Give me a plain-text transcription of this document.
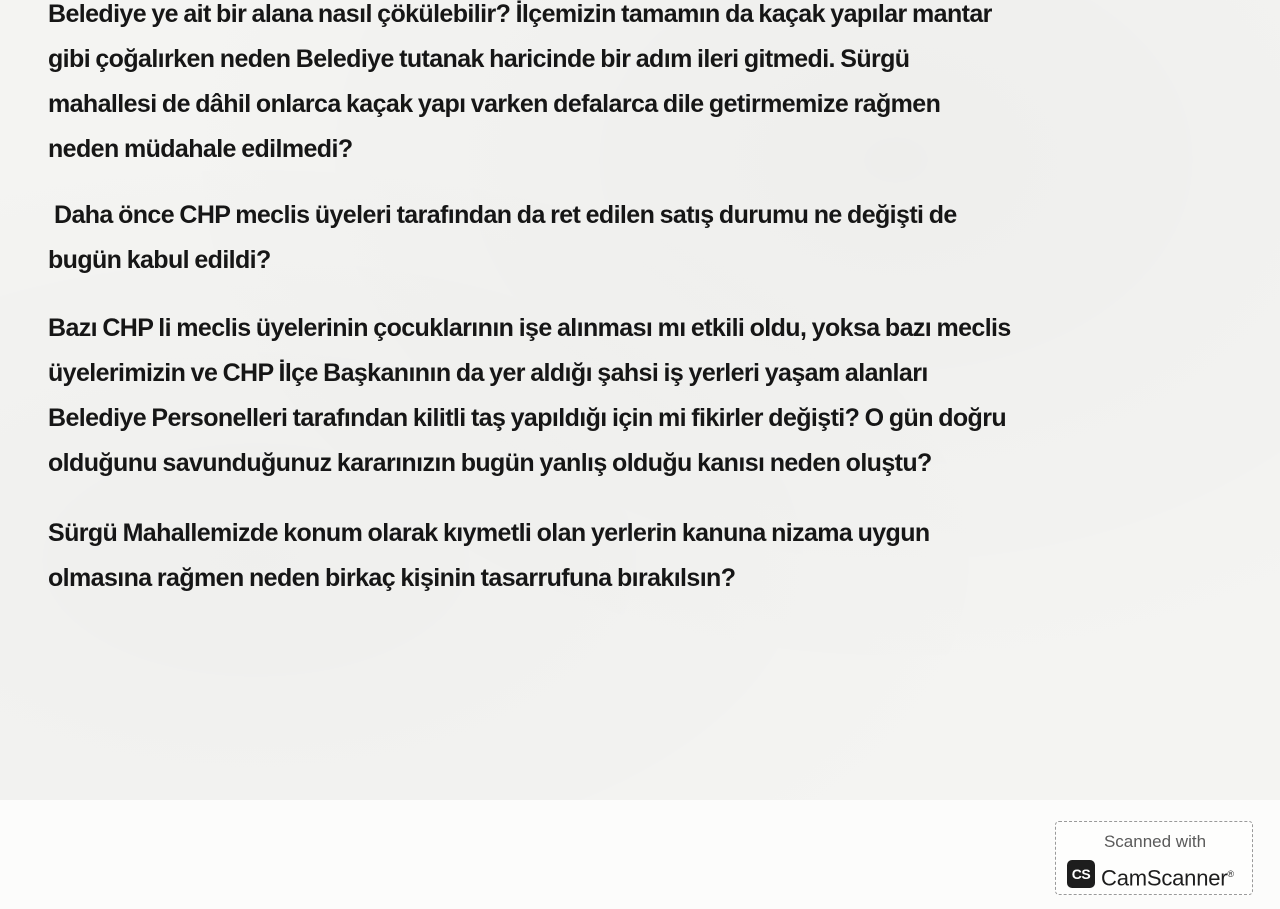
Belediye ye ait bir alana nasıl çökülebilir? İlçemizin tamamın da kaçak yapılar mantar
gibi çoğalırken neden Belediye tutanak haricinde bir adım ileri gitmedi. Sürgü
mahallesi de dâhil onlarca kaçak yapı varken defalarca dile getirmemize rağmen
neden müdahale edilmedi?

Daha önce CHP meclis üyeleri tarafından da ret edilen satış durumu ne değişti de
bugün kabul edildi?

Bazı CHP li meclis üyelerinin çocuklarının işe alınması mı etkili oldu, yoksa bazı meclis
üyelerimizin ve CHP İlçe Başkanının da yer aldığı şahsi iş yerleri yaşam alanları
Belediye Personelleri tarafından kilitli taş yapıldığı için mi fikirler değişti? O gün doğru
olduğunu savunduğunuz kararınızın bugün yanlış olduğu kanısı neden oluştu?

Sürgü Mahallemizde konum olarak kıymetli olan yerlerin kanuna nizama uygun
olmasına rağmen neden birkaç kişinin tasarrufuna bırakılsın?

Scanned with
CS CamScanner®
